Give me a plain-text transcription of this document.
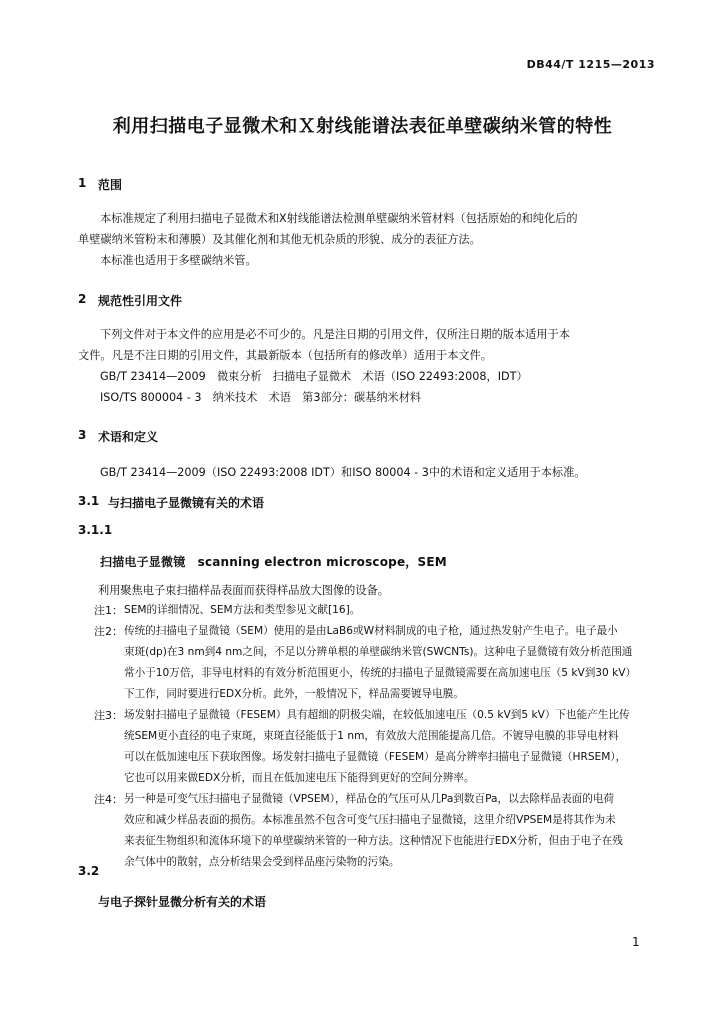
DB44/T 1215—2013
利用扫描电子显微术和Ｘ射线能谱法表征单壁碳纳米管的特性
1 范围
本标准规定了利用扫描电子显微术和X射线能谱法检测单壁碳纳米管材料（包括原始的和纯化后的
单壁碳纳米管粉末和薄膜）及其催化剂和其他无机杂质的形貌、成分的表征方法。
本标准也适用于多壁碳纳米管。
2 规范性引用文件
下列文件对于本文件的应用是必不可少的。凡是注日期的引用文件，仅所注日期的版本适用于本
文件。凡是不注日期的引用文件，其最新版本（包括所有的修改单）适用于本文件。
GB/T 23414—2009　微束分析　扫描电子显微术　术语（ISO 22493:2008，IDT）
ISO/TS 800004 - 3　纳米技术　术语　第3部分：碳基纳米材料
3 术语和定义
GB/T 23414—2009（ISO 22493:2008 IDT）和ISO 80004 - 3中的术语和定义适用于本标准。
3.1 与扫描电子显微镜有关的术语
3.1.1
扫描电子显微镜　scanning electron microscope，SEM
利用聚焦电子束扫描样品表面而获得样品放大图像的设备。
注1： SEM的详细情况、SEM方法和类型参见文献[16]。
注2： 传统的扫描电子显微镜（SEM）使用的是由LaB6或W材料制成的电子枪，通过热发射产生电子。电子最小
束斑(dp)在3 nm到4 nm之间，不足以分辨单根的单壁碳纳米管(SWCNTs)。这种电子显微镜有效分析范围通
常小于10万倍，非导电材料的有效分析范围更小，传统的扫描电子显微镜需要在高加速电压（5 kV到30 kV）
下工作，同时要进行EDX分析。此外，一般情况下，样品需要镀导电膜。
注3： 场发射扫描电子显微镜（FESEM）具有超细的阴极尖端，在较低加速电压（0.5 kV到5 kV）下也能产生比传
统SEM更小直径的电子束斑，束斑直径能低于1 nm，有效放大范围能提高几倍。不镀导电膜的非导电材料
可以在低加速电压下获取图像。场发射扫描电子显微镜（FESEM）是高分辨率扫描电子显微镜（HRSEM），
它也可以用来做EDX分析，而且在低加速电压下能得到更好的空间分辨率。
注4： 另一种是可变气压扫描电子显微镜（VPSEM），样品仓的气压可从几Pa到数百Pa，以去除样品表面的电荷
效应和减少样品表面的损伤。本标准虽然不包含可变气压扫描电子显微镜，这里介绍VPSEM是将其作为未
来表征生物组织和流体环境下的单壁碳纳米管的一种方法。这种情况下也能进行EDX分析，但由于电子在残
余气体中的散射，点分析结果会受到样品座污染物的污染。
3.2
与电子探针显微分析有关的术语
1
